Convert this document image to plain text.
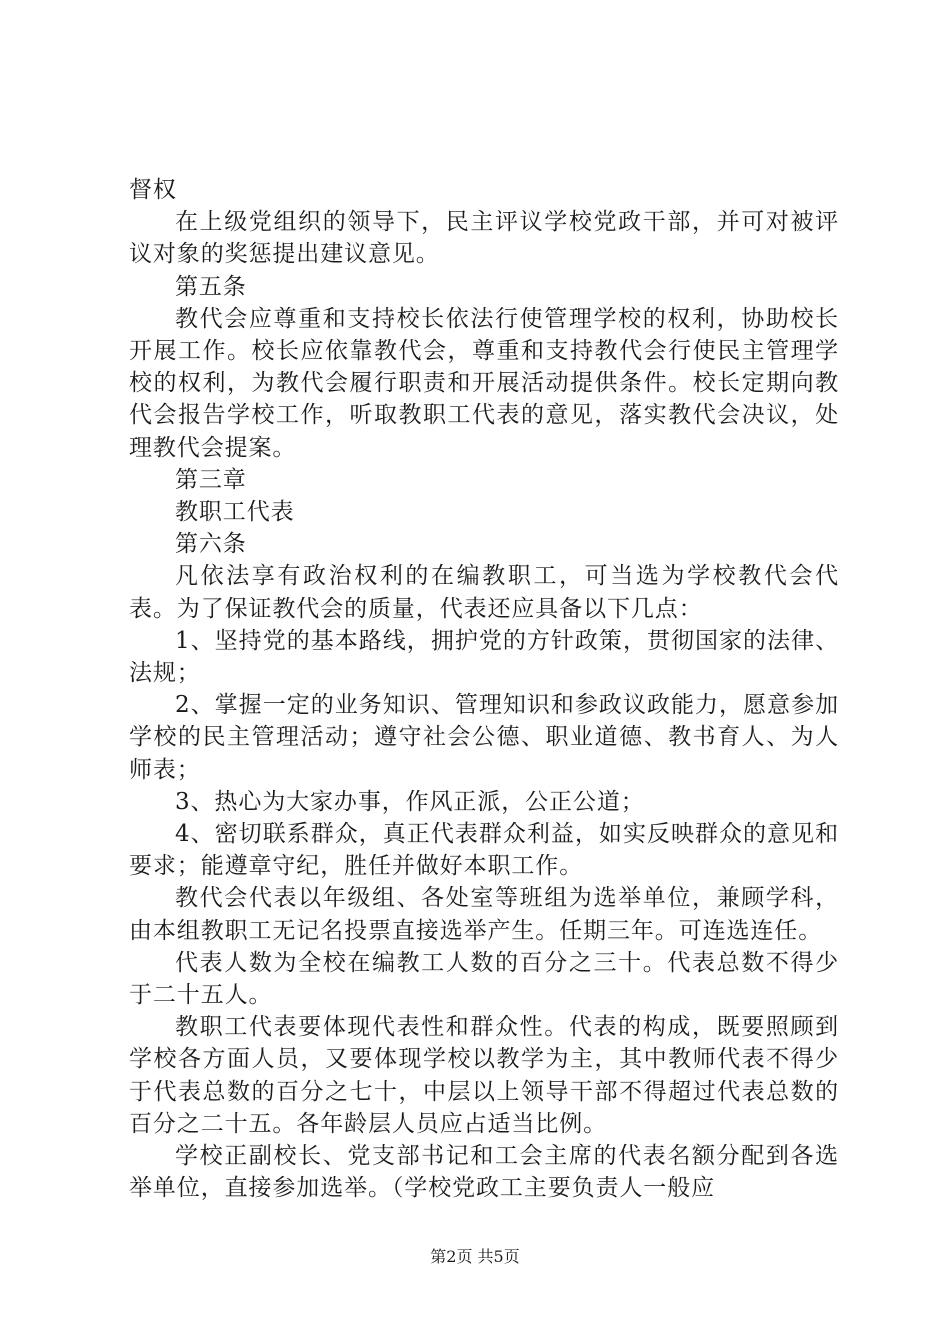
督权

在上级党组织的领导下，民主评议学校党政干部，并可对被评议对象的奖惩提出建议意见。

第五条

教代会应尊重和支持校长依法行使管理学校的权利，协助校长开展工作。校长应依靠教代会，尊重和支持教代会行使民主管理学校的权利，为教代会履行职责和开展活动提供条件。校长定期向教代会报告学校工作，听取教职工代表的意见，落实教代会决议，处理教代会提案。

第三章

教职工代表

第六条

凡依法享有政治权利的在编教职工，可当选为学校教代会代表。为了保证教代会的质量，代表还应具备以下几点：

1、坚持党的基本路线，拥护党的方针政策，贯彻国家的法律、法规；

2、掌握一定的业务知识、管理知识和参政议政能力，愿意参加学校的民主管理活动；遵守社会公德、职业道德、教书育人、为人师表；

3、热心为大家办事，作风正派，公正公道；

4、密切联系群众，真正代表群众利益，如实反映群众的意见和要求；能遵章守纪，胜任并做好本职工作。

教代会代表以年级组、各处室等班组为选举单位，兼顾学科，由本组教职工无记名投票直接选举产生。任期三年。可连选连任。

代表人数为全校在编教工人数的百分之三十。代表总数不得少于二十五人。

教职工代表要体现代表性和群众性。代表的构成，既要照顾到学校各方面人员，又要体现学校以教学为主，其中教师代表不得少于代表总数的百分之七十，中层以上领导干部不得超过代表总数的百分之二十五。各年龄层人员应占适当比例。

学校正副校长、党支部书记和工会主席的代表名额分配到各选举单位，直接参加选举。（学校党政工主要负责人一般应

第2页 共5页
